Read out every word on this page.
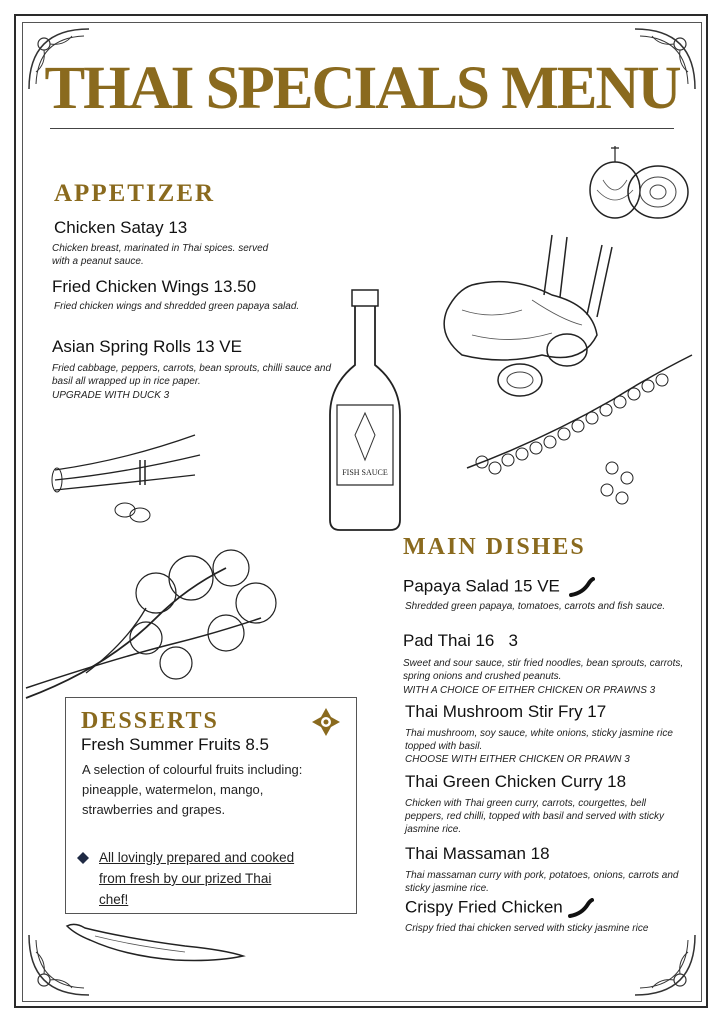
THAI SPECIALS MENU
APPETIZER
Chicken Satay 13
Chicken breast, marinated in Thai spices. served with a peanut sauce.
Fried Chicken Wings 13.50
Fried chicken wings and shredded green papaya salad.
Asian Spring Rolls 13 VE
Fried cabbage, peppers, carrots, bean sprouts, chilli sauce and basil all wrapped up in rice paper.
UPGRADE WITH DUCK 3
MAIN DISHES
Papaya Salad 15 VE
Shredded green papaya, tomatoes, carrots and fish sauce.
Pad Thai 16   3
Sweet and sour sauce, stir fried noodles, bean sprouts, carrots, spring onions and crushed peanuts.
WITH A CHOICE OF EITHER CHICKEN OR PRAWNS 3
Thai Mushroom Stir Fry 17
Thai mushroom, soy sauce, white onions, sticky jasmine rice topped with basil.
CHOOSE WITH EITHER CHICKEN OR PRAWN 3
Thai Green Chicken Curry 18
Chicken with Thai green curry, carrots, courgettes, bell peppers, red chilli, topped with basil and served with sticky jasmine rice.
Thai Massaman 18
Thai massaman curry with pork, potatoes, onions, carrots and sticky jasmine rice.
Crispy Fried Chicken
Crispy fried thai chicken served with sticky jasmine rice
DESSERTS
Fresh Summer Fruits 8.5
A selection of colourful fruits including: pineapple, watermelon, mango, strawberries and grapes.
All lovingly prepared and cooked from fresh by our prized Thai chef!
FISH SAUCE
